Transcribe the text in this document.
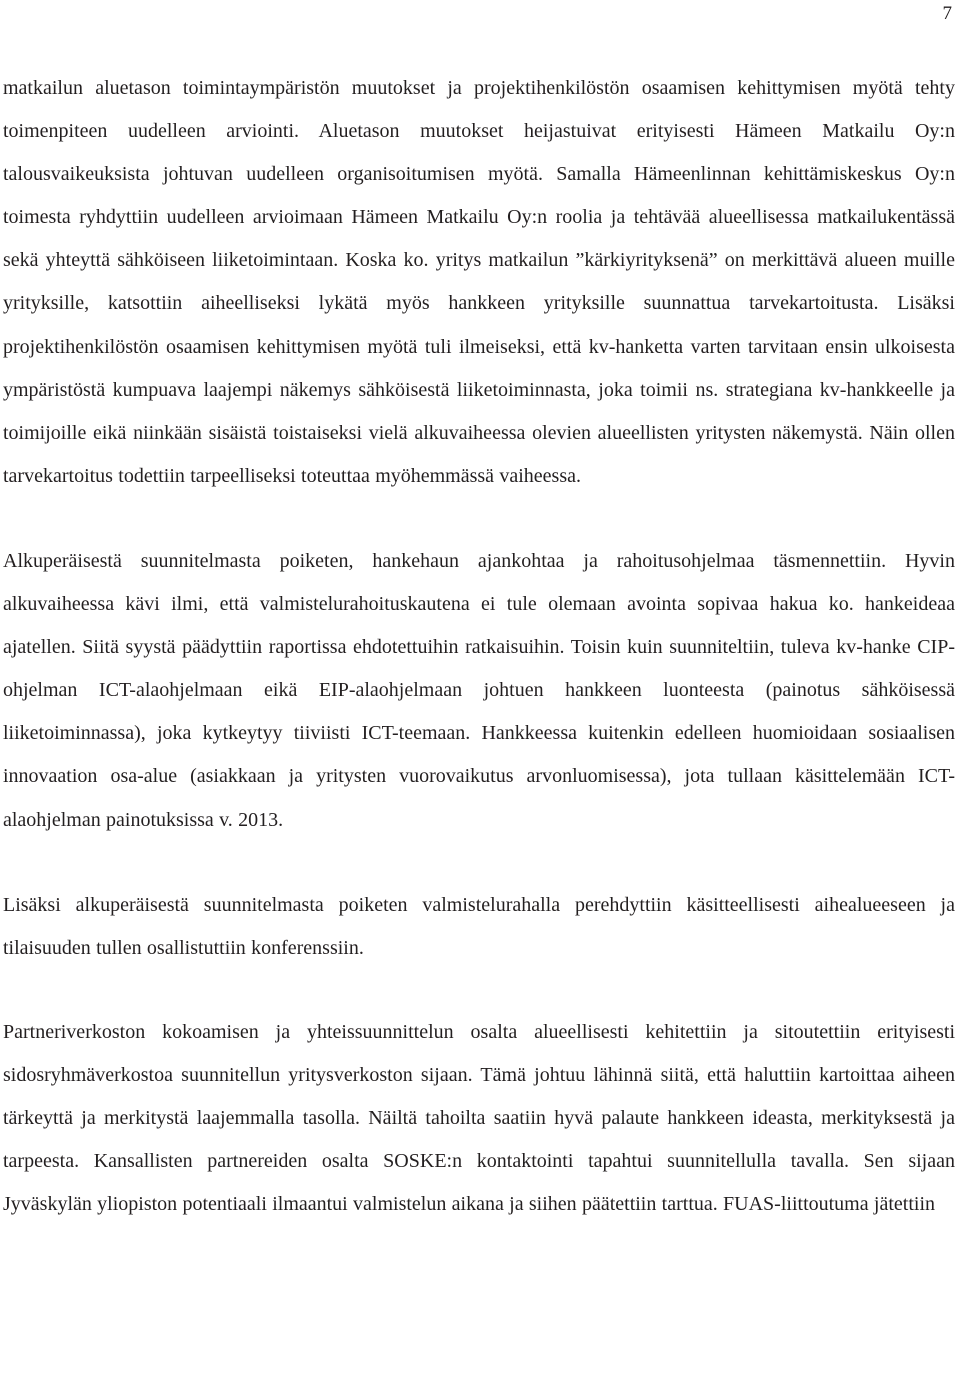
7

matkailun aluetason toimintaympäristön muutokset ja projektihenkilöstön osaamisen kehittymisen myötä tehty toimenpiteen uudelleen arviointi. Aluetason muutokset heijastuivat erityisesti Hämeen Matkailu Oy:n talousvaikeuksista johtuvan uudelleen organisoitumisen myötä. Samalla Hämeenlinnan kehittämiskeskus Oy:n toimesta ryhdyttiin uudelleen arvioimaan Hämeen Matkailu Oy:n roolia ja tehtävää alueellisessa matkailukentässä sekä yhteyttä sähköiseen liiketoimintaan. Koska ko. yritys matkailun ”kärkiyrityksenä” on merkittävä alueen muille yrityksille, katsottiin aiheelliseksi lykätä myös hankkeen yrityksille suunnattua tarvekartoitusta. Lisäksi projektihenkilöstön osaamisen kehittymisen myötä tuli ilmeiseksi, että kv-hanketta varten tarvitaan ensin ulkoisesta ympäristöstä kumpuava laajempi näkemys sähköisestä liiketoiminnasta, joka toimii ns. strategiana kv-hankkeelle ja toimijoille eikä niinkään sisäistä toistaiseksi vielä alkuvaiheessa olevien alueellisten yritysten näkemystä. Näin ollen tarvekartoitus todettiin tarpeelliseksi toteuttaa myöhemmässä vaiheessa.

Alkuperäisestä suunnitelmasta poiketen, hankehaun ajankohtaa ja rahoitusohjelmaa täsmennettiin. Hyvin alkuvaiheessa kävi ilmi, että valmistelurahoituskautena ei tule olemaan avointa sopivaa hakua ko. hankeideaa ajatellen. Siitä syystä päädyttiin raportissa ehdotettuihin ratkaisuihin. Toisin kuin suunniteltiin, tuleva kv-hanke CIP-ohjelman ICT-alaohjelmaan eikä EIP-alaohjelmaan johtuen hankkeen luonteesta (painotus sähköisessä liiketoiminnassa), joka kytkeytyy tiiviisti ICT-teemaan. Hankkeessa kuitenkin edelleen huomioidaan sosiaalisen innovaation osa-alue (asiakkaan ja yritysten vuorovaikutus arvonluomisessa), jota tullaan käsittelemään ICT-alaohjelman painotuksissa v. 2013.

Lisäksi alkuperäisestä suunnitelmasta poiketen valmistelurahalla perehdyttiin käsitteellisesti aihealueeseen ja tilaisuuden tullen osallistuttiin konferenssiin.

Partneriverkoston kokoamisen ja yhteissuunnittelun osalta alueellisesti kehitettiin ja sitoutettiin erityisesti sidosryhmäverkostoa suunnitellun yritysverkoston sijaan. Tämä johtuu lähinnä siitä, että haluttiin kartoittaa aiheen tärkeyttä ja merkitystä laajemmalla tasolla. Näiltä tahoilta saatiin hyvä palaute hankkeen ideasta, merkityksestä ja tarpeesta. Kansallisten partnereiden osalta SOSKE:n kontaktointi tapahtui suunnitellulla tavalla. Sen sijaan Jyväskylän yliopiston potentiaali ilmaantui valmistelun aikana ja siihen päätettiin tarttua. FUAS-liittoutuma jätettiin
